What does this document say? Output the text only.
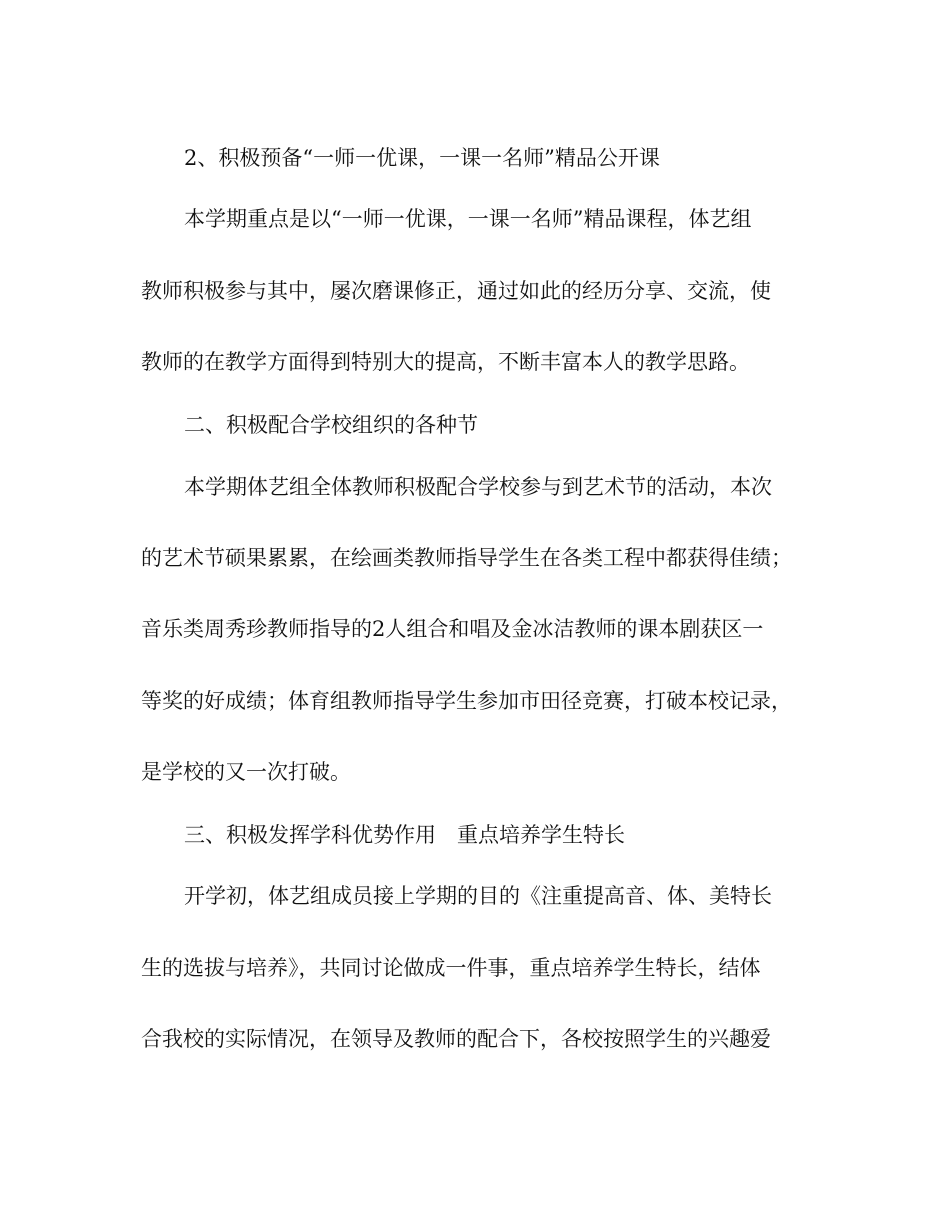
2、积极预备“一师一优课，一课一名师”精品公开课
本学期重点是以“一师一优课，一课一名师”精品课程，体艺组
教师积极参与其中，屡次磨课修正，通过如此的经历分享、交流，使
教师的在教学方面得到特别大的提高，不断丰富本人的教学思路。
二、积极配合学校组织的各种节
本学期体艺组全体教师积极配合学校参与到艺术节的活动，本次
的艺术节硕果累累，在绘画类教师指导学生在各类工程中都获得佳绩；
音乐类周秀珍教师指导的2人组合和唱及金冰洁教师的课本剧获区一
等奖的好成绩；体育组教师指导学生参加市田径竞赛，打破本校记录，
是学校的又一次打破。
三、积极发挥学科优势作用　重点培养学生特长
开学初，体艺组成员接上学期的目的《注重提高音、体、美特长
生的选拔与培养》，共同讨论做成一件事，重点培养学生特长，结体
合我校的实际情况，在领导及教师的配合下，各校按照学生的兴趣爱
